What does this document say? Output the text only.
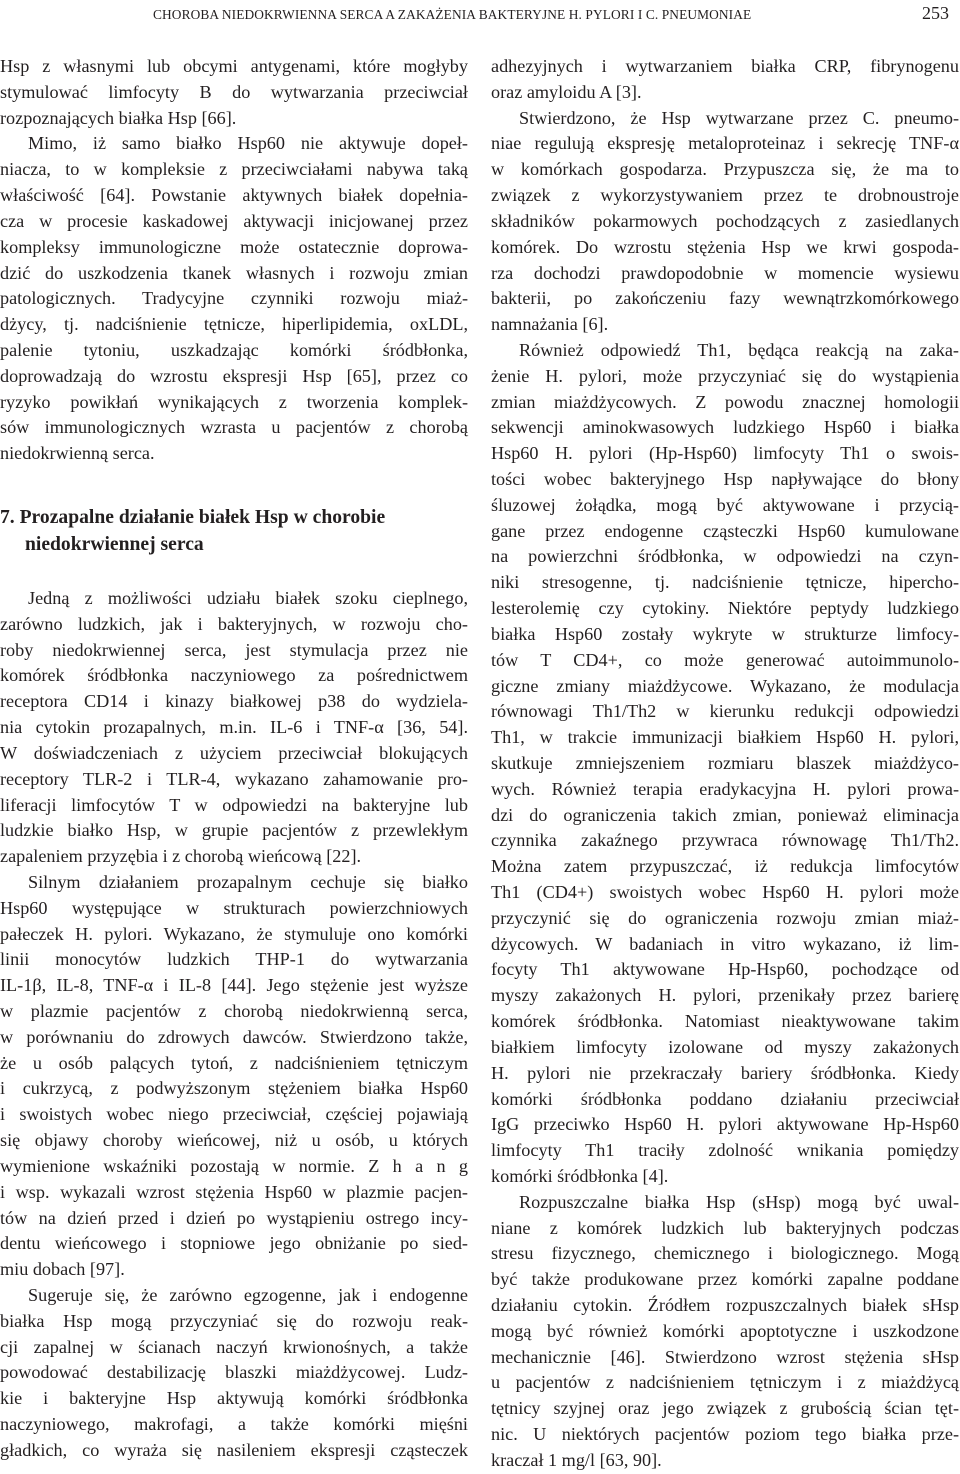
CHOROBA NIEDOKRWIENNA SERCA A ZAKAŻENIA BAKTERYJNE H. PYLORI I C. PNEUMONIAE	253
Hsp z własnymi lub obcymi antygenami, które mogłyby
stymulować limfocyty B do wytwarzania przeciwciał
rozpoznających białka Hsp [66].
Mimo, iż samo białko Hsp60 nie aktywuje dopeł-
niacza, to w kompleksie z przeciwciałami nabywa taką
właściwość [64]. Powstanie aktywnych białek dopełnia-
cza w procesie kaskadowej aktywacji inicjowanej przez
kompleksy immunologiczne może ostatecznie doprowa-
dzić do uszkodzenia tkanek własnych i rozwoju zmian
patologicznych. Tradycyjne czynniki rozwoju miaż-
dżycy, tj. nadciśnienie tętnicze, hiperlipidemia, oxLDL,
palenie tytoniu, uszkadzając komórki śródbłonka,
doprowadzają do wzrostu ekspresji Hsp [65], przez co
ryzyko powikłań wynikających z tworzenia komplek-
sów immunologicznych wzrasta u pacjentów z chorobą
niedokrwienną serca.
7. Prozapalne działanie białek Hsp w chorobie
niedokrwiennej serca
Jedną z możliwości udziału białek szoku cieplnego,
zarówno ludzkich, jak i bakteryjnych, w rozwoju cho-
roby niedokrwiennej serca, jest stymulacja przez nie
komórek śródbłonka naczyniowego za pośrednictwem
receptora CD14 i kinazy białkowej p38 do wydziela-
nia cytokin prozapalnych, m.in. IL-6 i TNF-α [36, 54].
W doświadczeniach z użyciem przeciwciał blokujących
receptory TLR-2 i TLR-4, wykazano zahamowanie pro-
liferacji limfocytów T w odpowiedzi na bakteryjne lub
ludzkie białko Hsp, w grupie pacjentów z przewlekłym
zapaleniem przyzębia i z chorobą wieńcową [22].
Silnym działaniem prozapalnym cechuje się białko
Hsp60 występujące w strukturach powierzchniowych
pałeczek H. pylori. Wykazano, że stymuluje ono komórki
linii monocytów ludzkich THP-1 do wytwarzania
IL-1β, IL-8, TNF-α i IL-8 [44]. Jego stężenie jest wyższe
w plazmie pacjentów z chorobą niedokrwienną serca,
w porównaniu do zdrowych dawców. Stwierdzono także,
że u osób palących tytoń, z nadciśnieniem tętniczym
i cukrzycą, z podwyższonym stężeniem białka Hsp60
i swoistych wobec niego przeciwciał, częściej pojawiają
się objawy choroby wieńcowej, niż u osób, u których
wymienione wskaźniki pozostają w normie. Z h a n g
i wsp. wykazali wzrost stężenia Hsp60 w plazmie pacjen-
tów na dzień przed i dzień po wystąpieniu ostrego incy-
dentu wieńcowego i stopniowe jego obniżanie po sied-
miu dobach [97].
Sugeruje się, że zarówno egzogenne, jak i endogenne
białka Hsp mogą przyczyniać się do rozwoju reak-
cji zapalnej w ścianach naczyń krwionośnych, a także
powodować destabilizację blaszki miażdżycowej. Ludz-
kie i bakteryjne Hsp aktywują komórki śródbłonka
naczyniowego, makrofagi, a także komórki mięśni
gładkich, co wyraża się nasileniem ekspresji cząsteczek
adhezyjnych i wytwarzaniem białka CRP, fibrynogenu
oraz amyloidu A [3].
Stwierdzono, że Hsp wytwarzane przez C. pneumo-
niae regulują ekspresję metaloproteinaz i sekrecję TNF-α
w komórkach gospodarza. Przypuszcza się, że ma to
związek z wykorzystywaniem przez te drobnoustroje
składników pokarmowych pochodzących z zasiedlanych
komórek. Do wzrostu stężenia Hsp we krwi gospoda-
rza dochodzi prawdopodobnie w momencie wysiewu
bakterii, po zakończeniu fazy wewnątrzkomórkowego
namnażania [6].
Również odpowiedź Th1, będąca reakcją na zaka-
żenie H. pylori, może przyczyniać się do wystąpienia
zmian miażdżycowych. Z powodu znacznej homologii
sekwencji aminokwasowych ludzkiego Hsp60 i białka
Hsp60 H. pylori (Hp-Hsp60) limfocyty Th1 o swois-
tości wobec bakteryjnego Hsp napływające do błony
śluzowej żołądka, mogą być aktywowane i przycią-
gane przez endogenne cząsteczki Hsp60 kumulowane
na powierzchni śródbłonka, w odpowiedzi na czyn-
niki stresogenne, tj. nadciśnienie tętnicze, hipercho-
lesterolemię czy cytokiny. Niektóre peptydy ludzkiego
białka Hsp60 zostały wykryte w strukturze limfocy-
tów T CD4+, co może generować autoimmunolo-
giczne zmiany miażdżycowe. Wykazano, że modulacja
równowagi Th1/Th2 w kierunku redukcji odpowiedzi
Th1, w trakcie immunizacji białkiem Hsp60 H. pylori,
skutkuje zmniejszeniem rozmiaru blaszek miażdżyco-
wych. Również terapia eradykacyjna H. pylori prowa-
dzi do ograniczenia takich zmian, ponieważ eliminacja
czynnika zakaźnego przywraca równowagę Th1/Th2.
Można zatem przypuszczać, iż redukcja limfocytów
Th1 (CD4+) swoistych wobec Hsp60 H. pylori może
przyczynić się do ograniczenia rozwoju zmian miaż-
dżycowych. W badaniach in vitro wykazano, iż lim-
focyty Th1 aktywowane Hp-Hsp60, pochodzące od
myszy zakażonych H. pylori, przenikały przez barierę
komórek śródbłonka. Natomiast nieaktywowane takim
białkiem limfocyty izolowane od myszy zakażonych
H. pylori nie przekraczały bariery śródbłonka. Kiedy
komórki śródbłonka poddano działaniu przeciwciał
IgG przeciwko Hsp60 H. pylori aktywowane Hp-Hsp60
limfocyty Th1 traciły zdolność wnikania pomiędzy
komórki śródbłonka [4].
Rozpuszczalne białka Hsp (sHsp) mogą być uwal-
niane z komórek ludzkich lub bakteryjnych podczas
stresu fizycznego, chemicznego i biologicznego. Mogą
być także produkowane przez komórki zapalne poddane
działaniu cytokin. Źródłem rozpuszczalnych białek sHsp
mogą być również komórki apoptotyczne i uszkodzone
mechanicznie [46]. Stwierdzono wzrost stężenia sHsp
u pacjentów z nadciśnieniem tętniczym i z miażdżycą
tętnicy szyjnej oraz jego związek z grubością ścian tęt-
nic. U niektórych pacjentów poziom tego białka prze-
kraczał 1 mg/l [63, 90].
